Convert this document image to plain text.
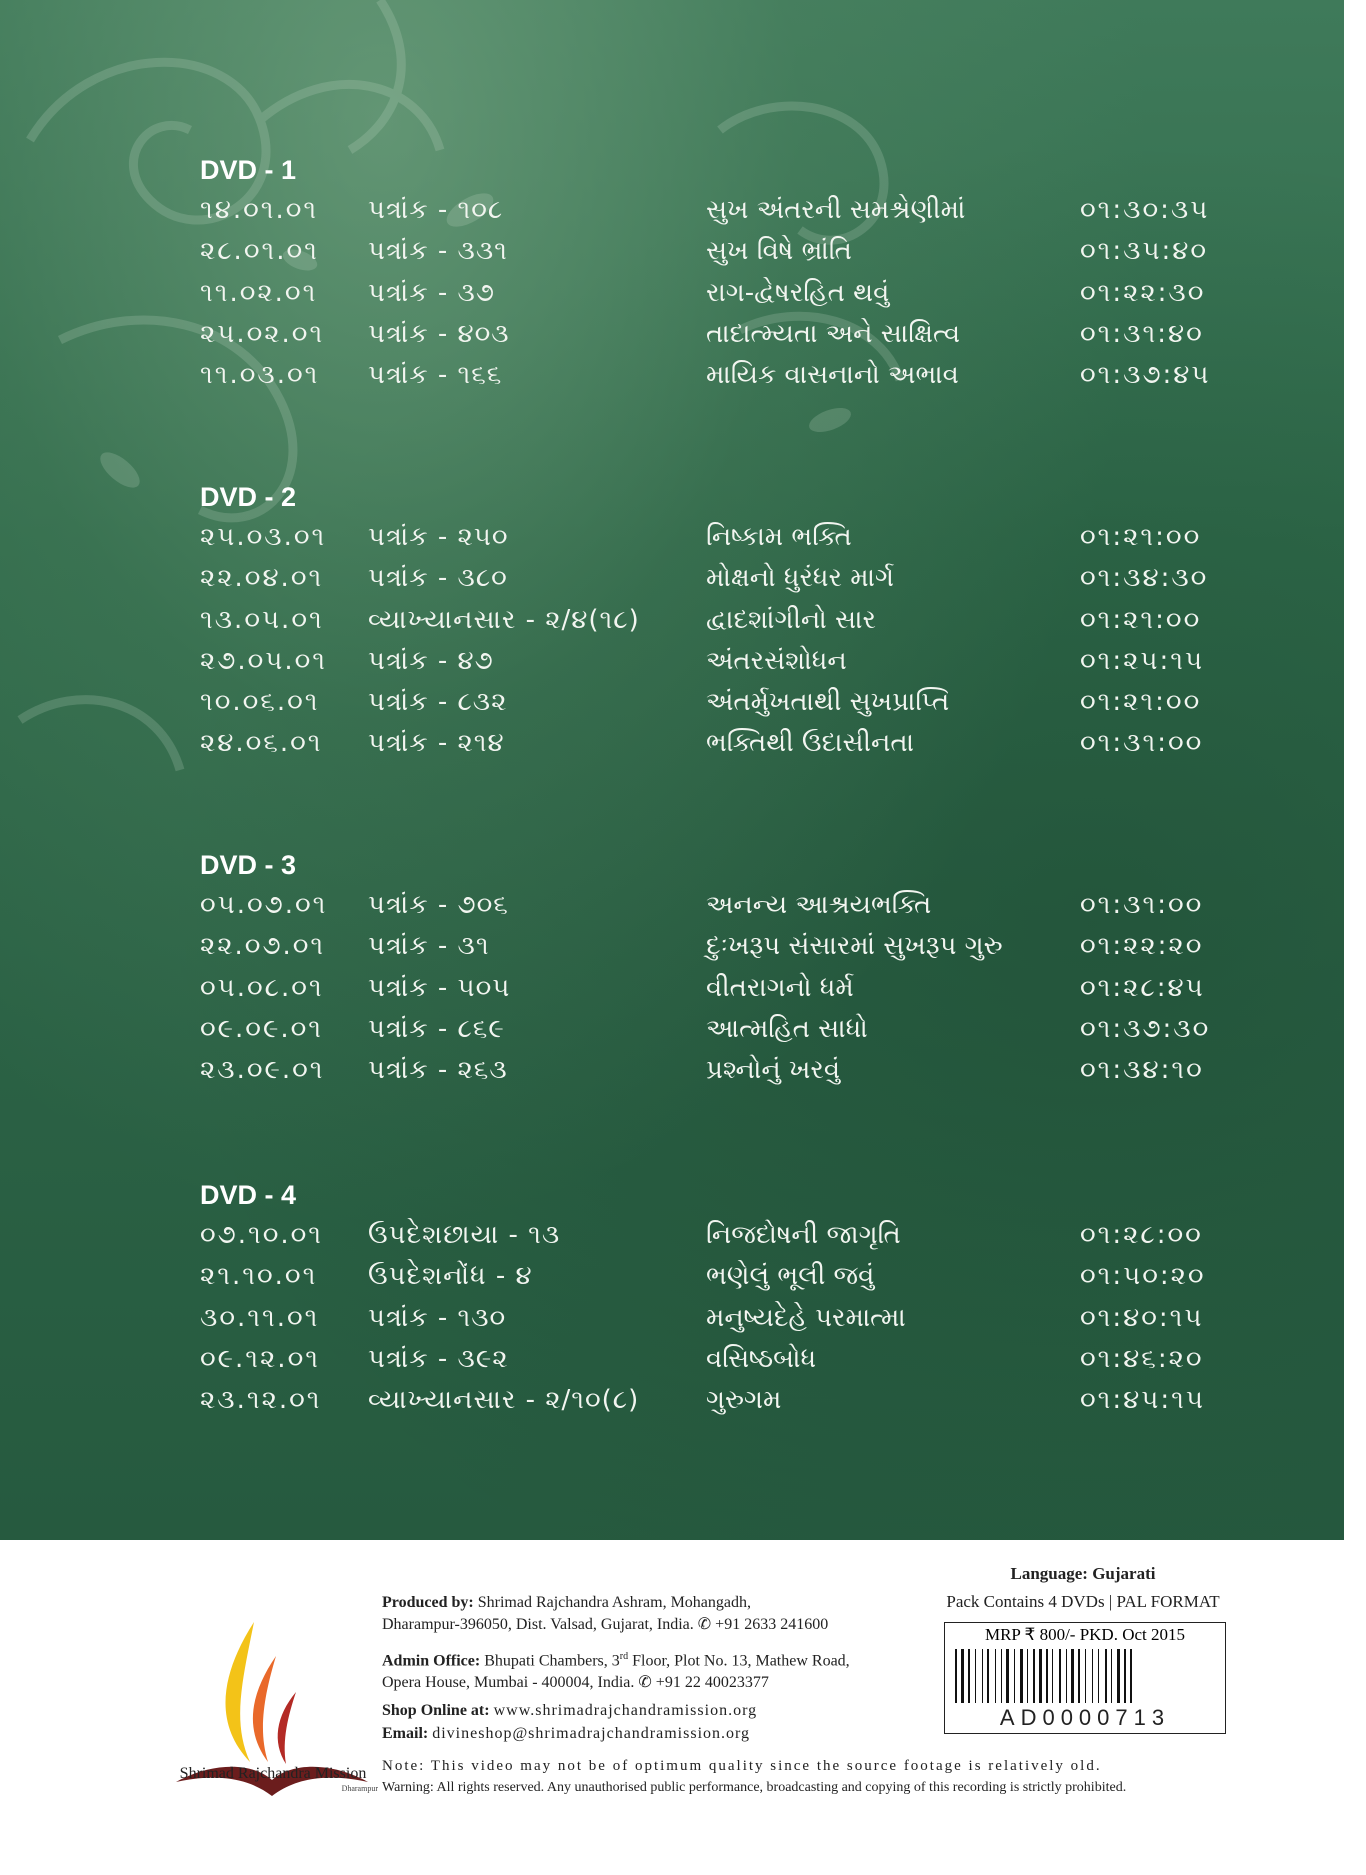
DVD - 1
૧૪.૦૧.૦૧ પત્રાંક - ૧૦૮	સુખ અંતરની સમશ્રેણીમાં	૦૧:૩૦:૩૫
૨૮.૦૧.૦૧ પત્રાંક - ૩૩૧	સુખ વિષે ભ્રાંતિ	૦૧:૩૫:૪૦
૧૧.૦૨.૦૧ પત્રાંક - ૩૭	રાગ-દ્વેષરહિત થવું	૦૧:૨૨:૩૦
૨૫.૦૨.૦૧ પત્રાંક - ૪૦૩	તાદાત્મ્યતા અને સાક્ષિત્વ	૦૧:૩૧:૪૦
૧૧.૦૩.૦૧ પત્રાંક - ૧૬૬	માયિક વાસનાનો અભાવ	૦૧:૩૭:૪૫
DVD - 2
૨૫.૦૩.૦૧ પત્રાંક - ૨૫૦	નિષ્કામ ભક્તિ	૦૧:૨૧:૦૦
૨૨.૦૪.૦૧ પત્રાંક - ૩૮૦	મોક્ષનો ધુરંધર માર્ગ	૦૧:૩૪:૩૦
૧૩.૦૫.૦૧ વ્યાખ્યાનસાર - ૨/૪(૧૮)	દ્વાદશાંગીનો સાર	૦૧:૨૧:૦૦
૨૭.૦૫.૦૧ પત્રાંક - ૪૭	અંતરસંશોધન	૦૧:૨૫:૧૫
૧૦.૦૬.૦૧ પત્રાંક - ૮૩૨	અંતર્મુખતાથી સુખપ્રાપ્તિ	૦૧:૨૧:૦૦
૨૪.૦૬.૦૧ પત્રાંક - ૨૧૪	ભક્તિથી ઉદાસીનતા	૦૧:૩૧:૦૦
DVD - 3
૦૫.૦૭.૦૧ પત્રાંક - ૭૦૬	અનન્ય આશ્રયભક્તિ	૦૧:૩૧:૦૦
૨૨.૦૭.૦૧ પત્રાંક - ૩૧	દુઃખરૂપ સંસારમાં સુખરૂપ ગુરુ	૦૧:૨૨:૨૦
૦૫.૦૮.૦૧ પત્રાંક - ૫૦૫	વીતરાગનો ધર્મ	૦૧:૨૮:૪૫
૦૯.૦૯.૦૧ પત્રાંક - ૮૬૯	આત્મહિત સાધો	૦૧:૩૭:૩૦
૨૩.૦૯.૦૧ પત્રાંક - ૨૬૩	પ્રશ્નોનું ખરવું	૦૧:૩૪:૧૦
DVD - 4
૦૭.૧૦.૦૧ ઉપદેશછાયા - ૧૩	નિજદોષની જાગૃતિ	૦૧:૨૮:૦૦
૨૧.૧૦.૦૧ ઉપદેશનોંધ - ૪	ભણેલું ભૂલી જવું	૦૧:૫૦:૨૦
૩૦.૧૧.૦૧ પત્રાંક - ૧૩૦	મનુષ્યદેહે પરમાત્મા	૦૧:૪૦:૧૫
૦૯.૧૨.૦૧ પત્રાંક - ૩૯૨	વસિષ્ઠબોધ	૦૧:૪૬:૨૦
૨૩.૧૨.૦૧ વ્યાખ્યાનસાર - ૨/૧૦(૮)	ગુરુગમ	૦૧:૪૫:૧૫
Shrimad Rajchandra Mission
Dharampur
Produced by: Shrimad Rajchandra Ashram, Mohangadh,
Dharampur-396050, Dist. Valsad, Gujarat, India. ✆ +91 2633 241600
Admin Office: Bhupati Chambers, 3rd Floor, Plot No. 13, Mathew Road,
Opera House, Mumbai - 400004, India. ✆ +91 22 40023377
Shop Online at: www.shrimadrajchandramission.org
Email: divineshop@shrimadrajchandramission.org
Language: Gujarati
Pack Contains 4 DVDs | PAL FORMAT
MRP ₹ 800/- PKD. Oct 2015
AD0000713
Note: This video may not be of optimum quality since the source footage is relatively old.
Warning: All rights reserved. Any unauthorised public performance, broadcasting and copying of this recording is strictly prohibited.
